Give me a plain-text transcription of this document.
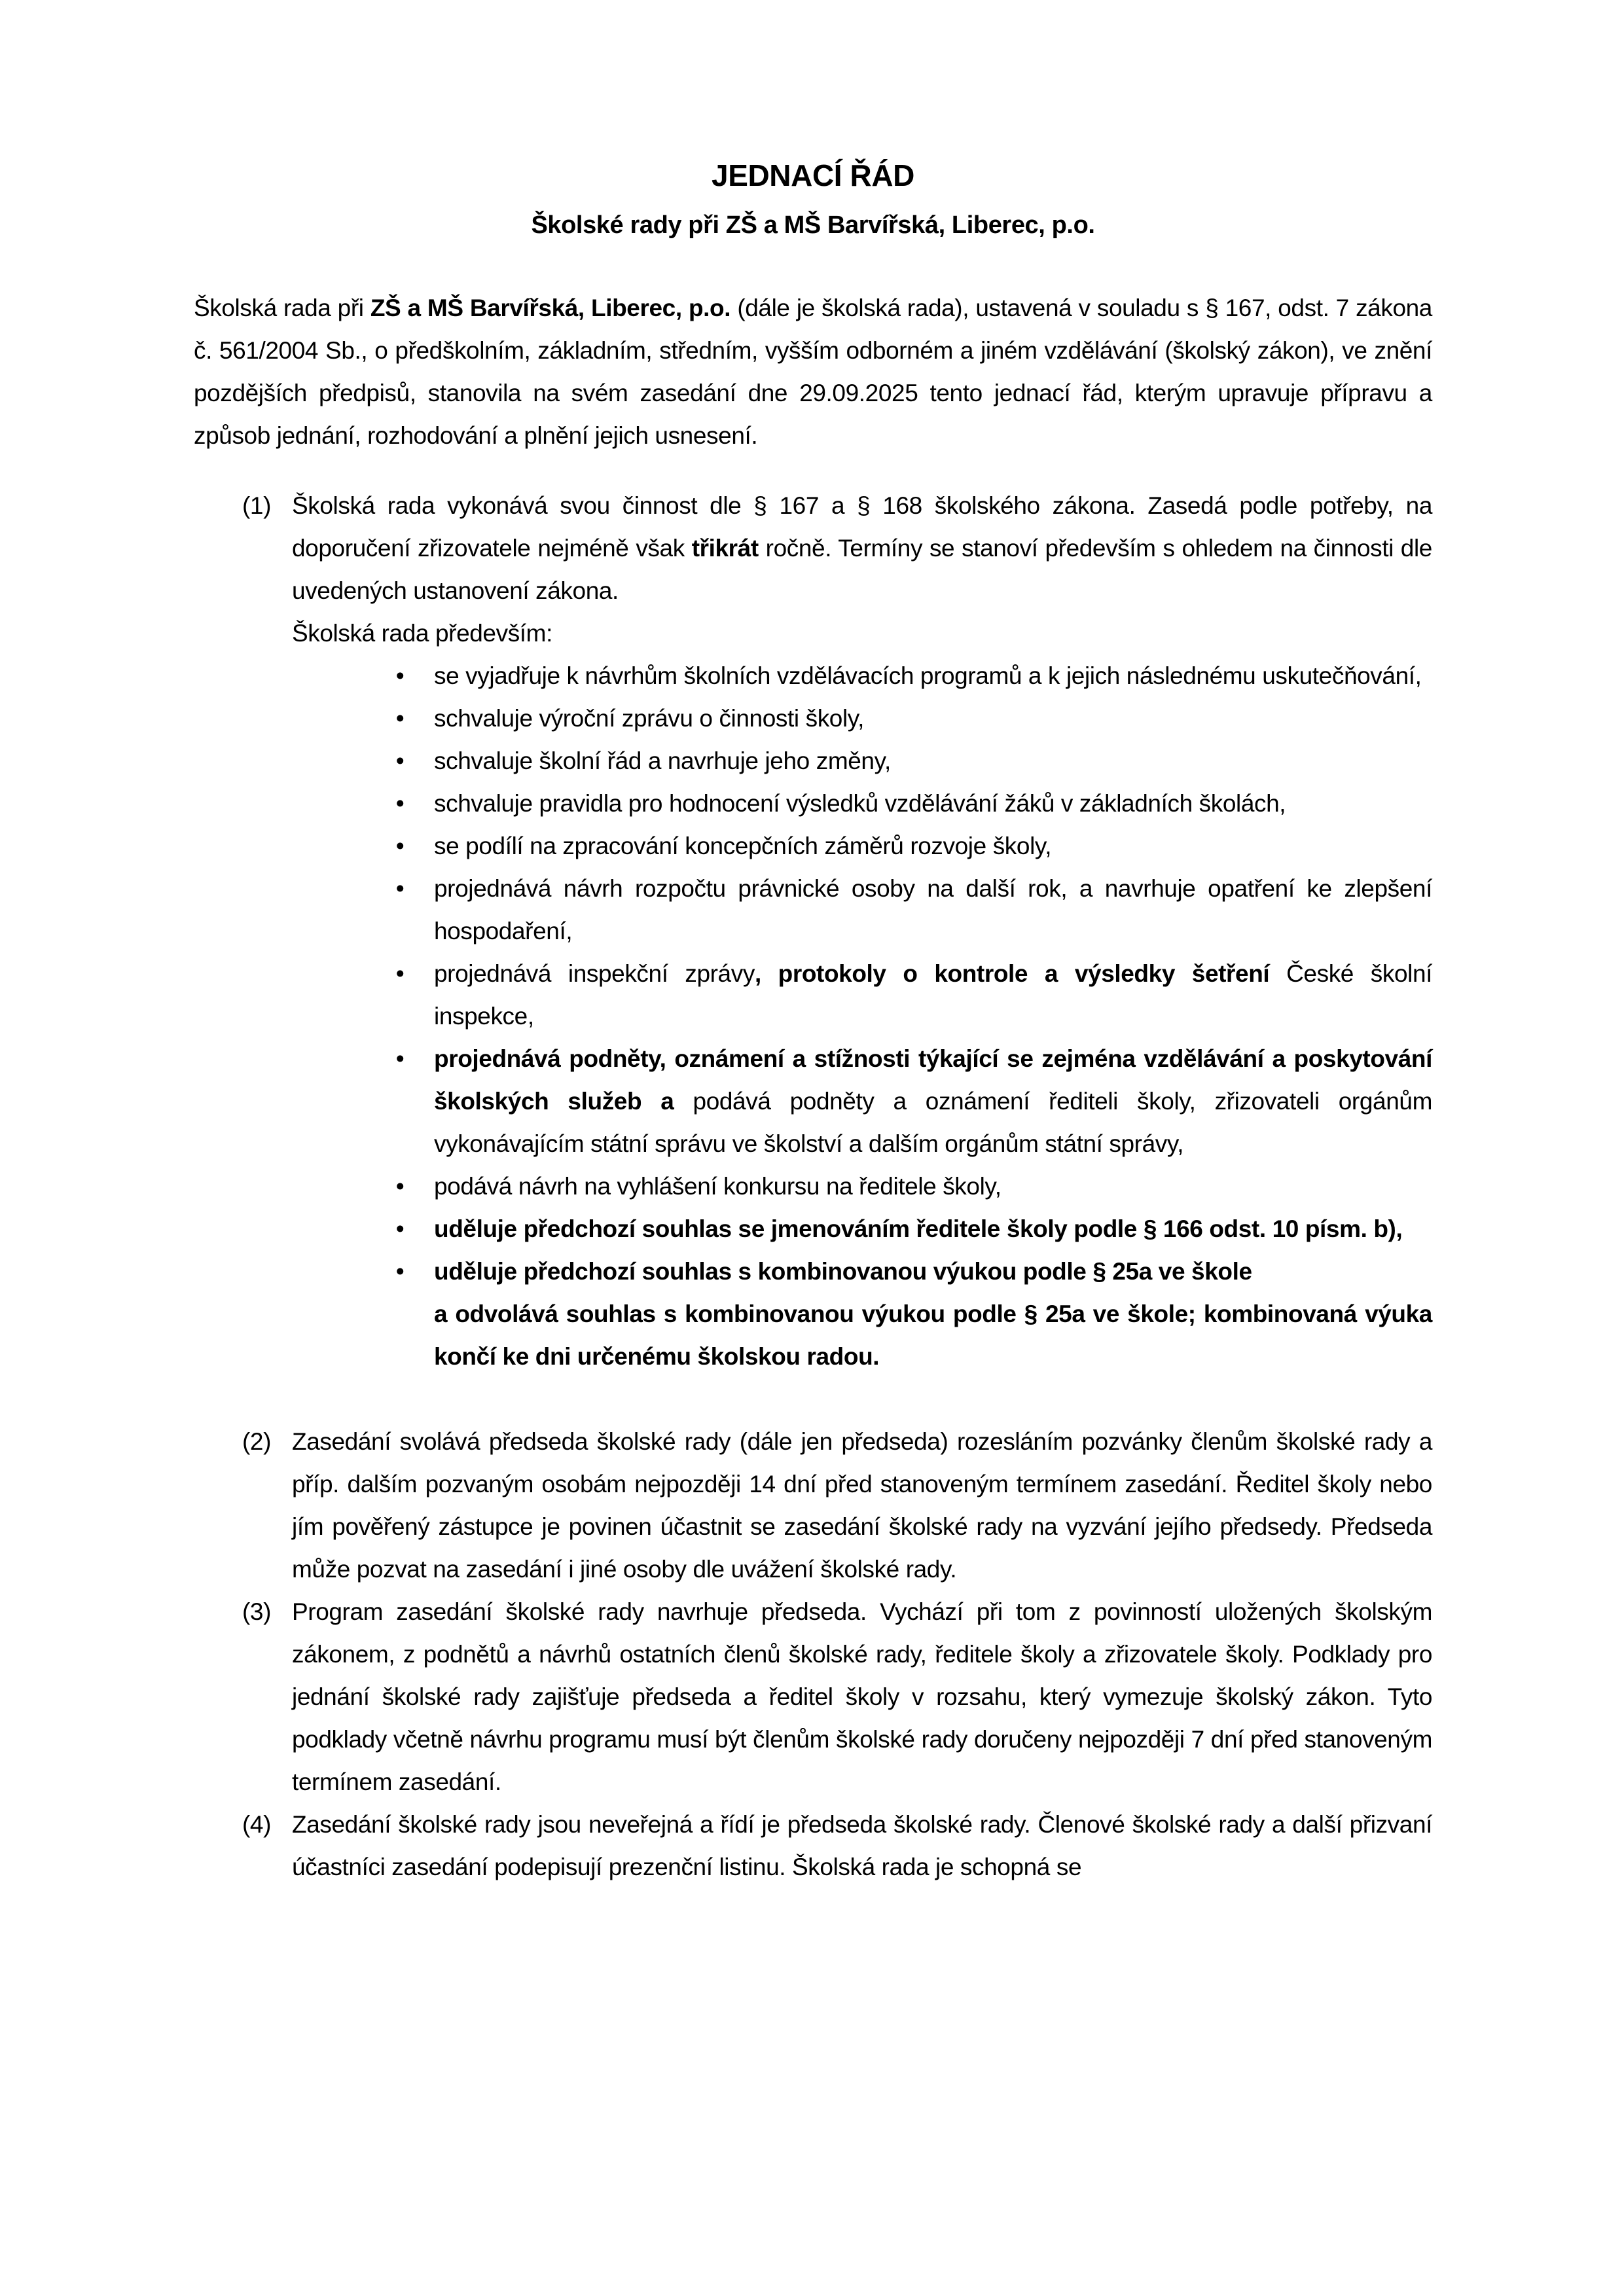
JEDNACÍ ŘÁD
Školské rady při ZŠ a MŠ Barvířská, Liberec, p.o.

Školská rada při ZŠ a MŠ Barvířská, Liberec, p.o. (dále je školská rada), ustavená v souladu s § 167, odst. 7 zákona č. 561/2004 Sb., o předškolním, základním, středním, vyšším odborném a jiném vzdělávání (školský zákon), ve znění pozdějších předpisů, stanovila na svém zasedání dne 29.09.2025 tento jednací řád, kterým upravuje přípravu a způsob jednání, rozhodování a plnění jejich usnesení.

(1) Školská rada vykonává svou činnost dle § 167 a § 168 školského zákona. Zasedá podle potřeby, na doporučení zřizovatele nejméně však třikrát ročně. Termíny se stanoví především s ohledem na činnosti dle uvedených ustanovení zákona.

Školská rada především:

• se vyjadřuje k návrhům školních vzdělávacích programů a k jejich následnému uskutečňování,
• schvaluje výroční zprávu o činnosti školy,
• schvaluje školní řád a navrhuje jeho změny,
• schvaluje pravidla pro hodnocení výsledků vzdělávání žáků v základních školách,
• se podílí na zpracování koncepčních záměrů rozvoje školy,
• projednává návrh rozpočtu právnické osoby na další rok, a navrhuje opatření ke zlepšení hospodaření,
• projednává inspekční zprávy, protokoly o kontrole a výsledky šetření České školní inspekce,
• projednává podněty, oznámení a stížnosti týkající se zejména vzdělávání a poskytování školských služeb a podává podněty a oznámení řediteli školy, zřizovateli orgánům vykonávajícím státní správu ve školství a dalším orgánům státní správy,
• podává návrh na vyhlášení konkursu na ředitele školy,
• uděluje předchozí souhlas se jmenováním ředitele školy podle § 166 odst. 10 písm. b),
• uděluje předchozí souhlas s kombinovanou výukou podle § 25a ve škole

a odvolává souhlas s kombinovanou výukou podle § 25a ve škole; kombinovaná výuka končí ke dni určenému školskou radou.
(2) Zasedání svolává předseda školské rady (dále jen předseda) rozesláním pozvánky členům školské rady a příp. dalším pozvaným osobám nejpozději 14 dní před stanoveným termínem zasedání. Ředitel školy nebo jím pověřený zástupce je povinen účastnit se zasedání školské rady na vyzvání jejího předsedy. Předseda může pozvat na zasedání i jiné osoby dle uvážení školské rady.

(3) Program zasedání školské rady navrhuje předseda. Vychází při tom z povinností uložených školským zákonem, z podnětů a návrhů ostatních členů školské rady, ředitele školy a zřizovatele školy. Podklady pro jednání školské rady zajišťuje předseda a ředitel školy v rozsahu, který vymezuje školský zákon. Tyto podklady včetně návrhu programu musí být členům školské rady doručeny nejpozději 7 dní před stanoveným termínem zasedání.

(4) Zasedání školské rady jsou neveřejná a řídí je předseda školské rady. Členové školské rady a další přizvaní účastníci zasedání podepisují prezenční listinu. Školská rada je schopná se
